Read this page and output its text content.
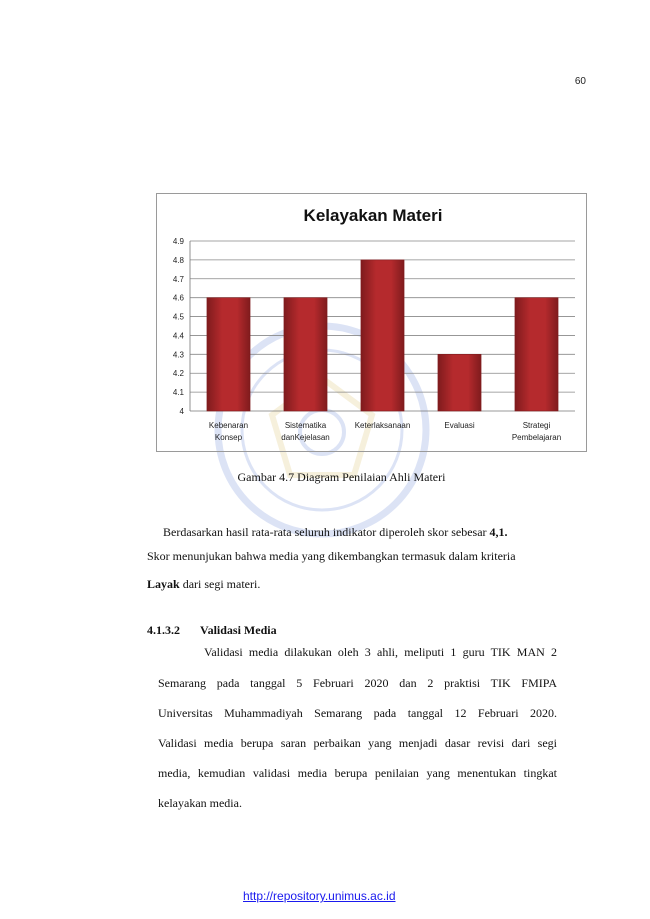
60
Kelayakan Materi
4
4.1
4.2
4.3
4.4
4.5
4.6
4.7
4.8
4.9
Kebenaran
Konsep
Sistematika
danKejelasan
Keterlaksanaan	Evaluasi	Strategi
Pembelajaran
Gambar 4.7 Diagram Penilaian Ahli Materi
Berdasarkan hasil rata-rata seluruh indikator diperoleh skor sebesar 4,1.
Skor menunjukan bahwa media yang dikembangkan termasuk dalam kriteria
Layak dari segi materi.
4.1.3.2 Validasi Media
Validasi media dilakukan oleh 3 ahli, meliputi 1 guru TIK MAN 2
Semarang pada tanggal 5 Februari 2020 dan 2 praktisi TIK FMIPA
Universitas Muhammadiyah Semarang pada tanggal 12 Februari 2020.
Validasi media berupa saran perbaikan yang menjadi dasar revisi dari segi
media, kemudian validasi media berupa penilaian yang menentukan tingkat
kelayakan media.
http://repository.unimus.ac.id
